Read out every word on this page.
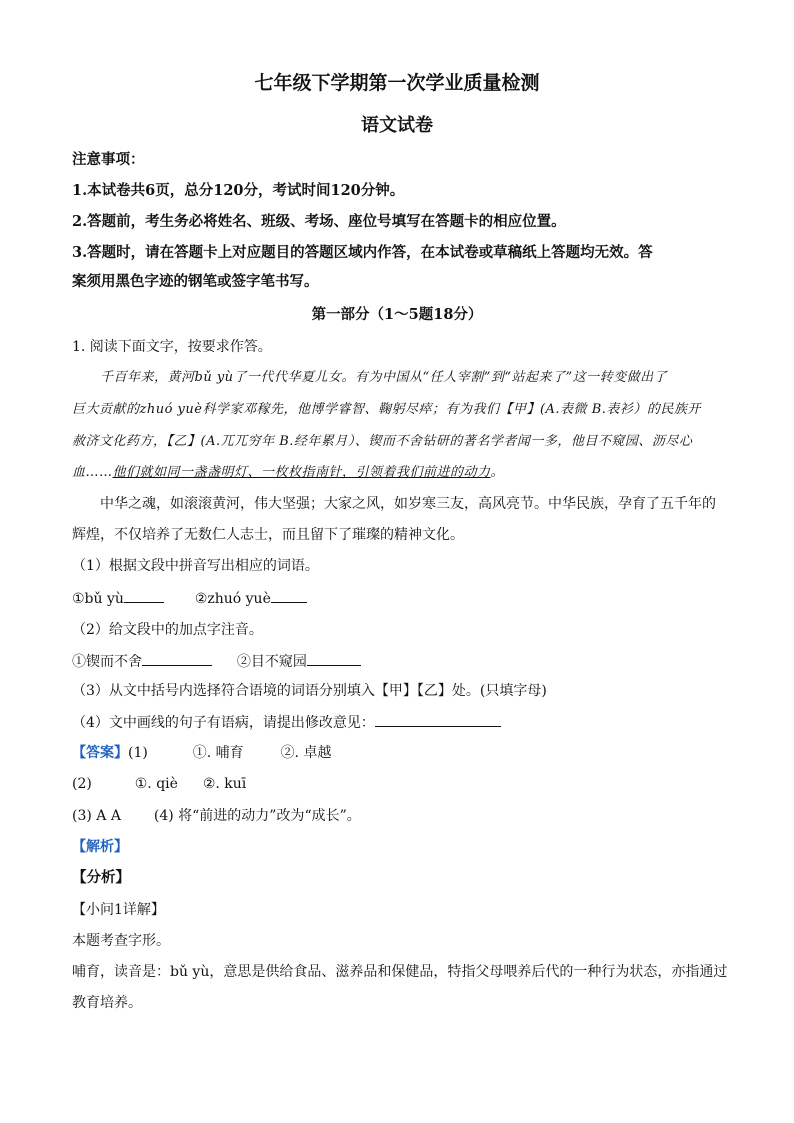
七年级下学期第一次学业质量检测
语文试卷
注意事项：
1.本试卷共6页，总分120分，考试时间120分钟。
2.答题前，考生务必将姓名、班级、考场、座位号填写在答题卡的相应位置。
3.答题时，请在答题卡上对应题目的答题区域内作答，在本试卷或草稿纸上答题均无效。答
案须用黑色字迹的钢笔或签字笔书写。
第一部分（1～5题18分）
1. 阅读下面文字，按要求作答。
千百年来，黄河bǔ yù了一代代华夏儿女。有为中国从“任人宰割”到“站起来了”这一转变做出了
巨大贡献的zhuó yuè科学家邓稼先，他博学睿智、鞠躬尽瘁；有为我们【甲】(A.表微 B.表衫）的民族开
赦济文化药方，【乙】(A.兀兀穷年 B.经年累月）、锲而不舍钻研的著名学者闻一多，他目不窥园、沥尽心
血……他们就如同一盏盏明灯、一枚枚指南针，引领着我们前进的动力。
中华之魂，如滚滚黄河，伟大坚强；大家之风，如岁寒三友，高风亮节。中华民族，孕育了五千年的
辉煌，不仅培养了无数仁人志士，而且留下了璀璨的精神文化。
（1）根据文段中拼音写出相应的词语。
①bǔ yù	②zhuó yuè
（2）给文段中的加点字注音。
①锲而不舍	②目不窥园
（3）从文中括号内选择符合语境的词语分别填入【甲】【乙】处。(只填字母)
（4）文中画线的句子有语病，请提出修改意见：
【答案】(1)	①. 哺育	②. 卓越
(2)	①. qiè ②. kuī
(3) A A (4) 将“前进的动力”改为“成长”。
【解析】
【分析】
【小问1详解】
本题考查字形。
哺育，读音是：bǔ yù，意思是供给食品、滋养品和保健品，特指父母喂养后代的一种行为状态，亦指通过
教育培养。
